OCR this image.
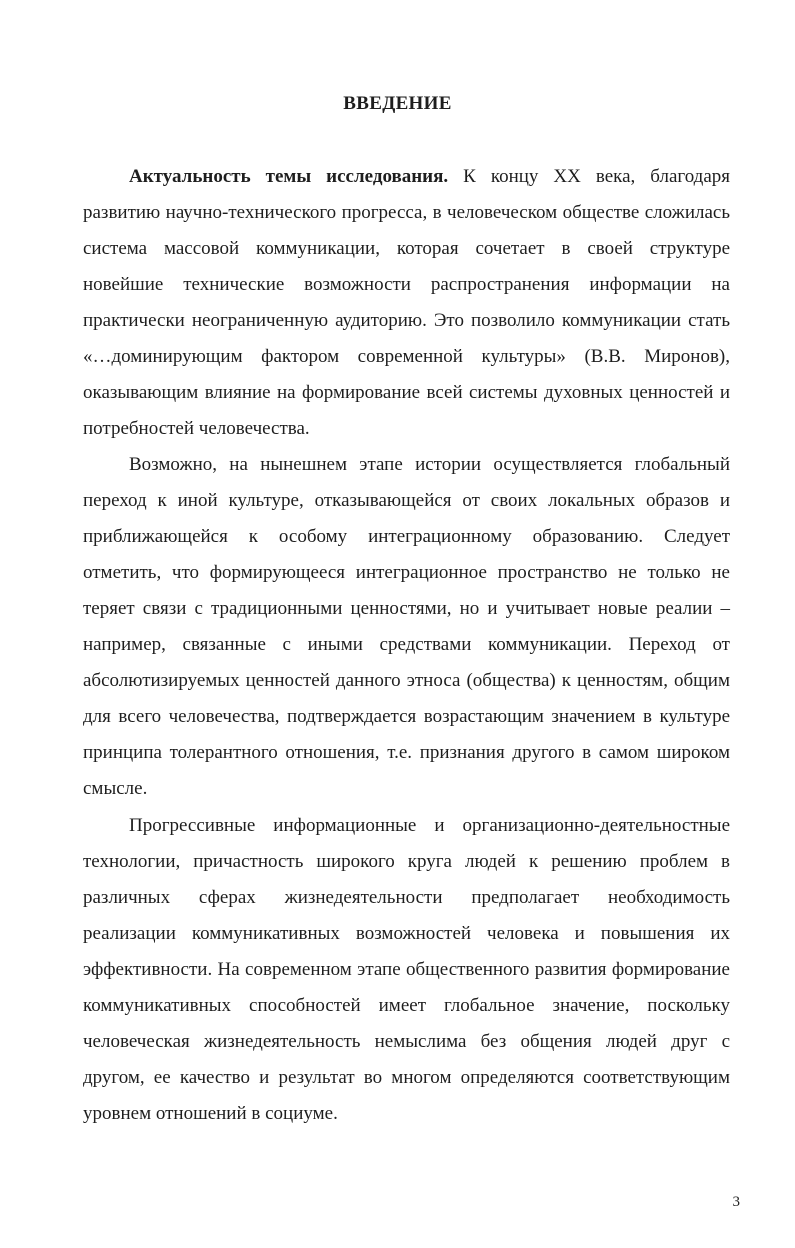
ВВЕДЕНИЕ

Актуальность темы исследования. К концу XX века, благодаря развитию научно-технического прогресса, в человеческом обществе сложилась система массовой коммуникации, которая сочетает в своей структуре новейшие технические возможности распространения информации на практически неограниченную аудиторию. Это позволило коммуникации стать «…доминирующим фактором современной культуры» (В.В. Миронов), оказывающим влияние на формирование всей системы духовных ценностей и потребностей человечества.

Возможно, на нынешнем этапе истории осуществляется глобальный переход к иной культуре, отказывающейся от своих локальных образов и приближающейся к особому интеграционному образованию. Следует отметить, что формирующееся интеграционное пространство не только не теряет связи с традиционными ценностями, но и учитывает новые реалии – например, связанные с иными средствами коммуникации. Переход от абсолютизируемых ценностей данного этноса (общества) к ценностям, общим для всего человечества, подтверждается возрастающим значением в культуре принципа толерантного отношения, т.е. признания другого в самом широком смысле.

Прогрессивные информационные и организационно-деятельностные технологии, причастность широкого круга людей к решению проблем в различных сферах жизнедеятельности предполагает необходимость реализации коммуникативных возможностей человека и повышения их эффективности. На современном этапе общественного развития формирование коммуникативных способностей имеет глобальное значение, поскольку человеческая жизнедеятельность немыслима без общения людей друг с другом, ее качество и результат во многом определяются соответствующим уровнем отношений в социуме.

3
